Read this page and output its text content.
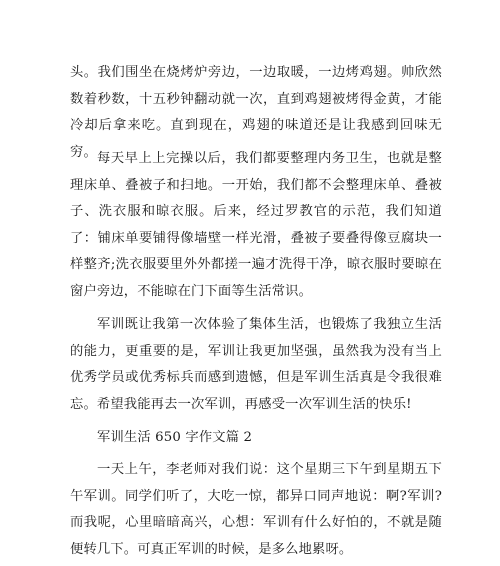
头。我们围坐在烧烤炉旁边，一边取暖，一边烤鸡翅。帅欣然数着秒数，十五秒钟翻动就一次，直到鸡翅被烤得金黄，才能冷却后拿来吃。直到现在，鸡翅的味道还是让我感到回味无穷。 每天早上上完操以后，我们都要整理内务卫生，也就是整理床单、叠被子和扫地。一开始，我们都不会整理床单、叠被子、洗衣服和晾衣服。后来，经过罗教官的示范，我们知道了：铺床单要铺得像墙壁一样光滑，叠被子要叠得像豆腐块一样整齐;洗衣服要里外外都搓一遍才洗得干净，晾衣服时要晾在窗户旁边，不能晾在门下面等生活常识。

军训既让我第一次体验了集体生活，也锻炼了我独立生活的能力，更重要的是，军训让我更加坚强，虽然我为没有当上优秀学员或优秀标兵而感到遗憾，但是军训生活真是令我很难忘。希望我能再去一次军训，再感受一次军训生活的快乐!

军训生活 650 字作文篇 2

一天上午，李老师对我们说：这个星期三下午到星期五下午军训。同学们听了，大吃一惊，都异口同声地说：啊?军训?而我呢，心里暗暗高兴，心想：军训有什么好怕的，不就是随便转几下。可真正军训的时候，是多么地累呀。
